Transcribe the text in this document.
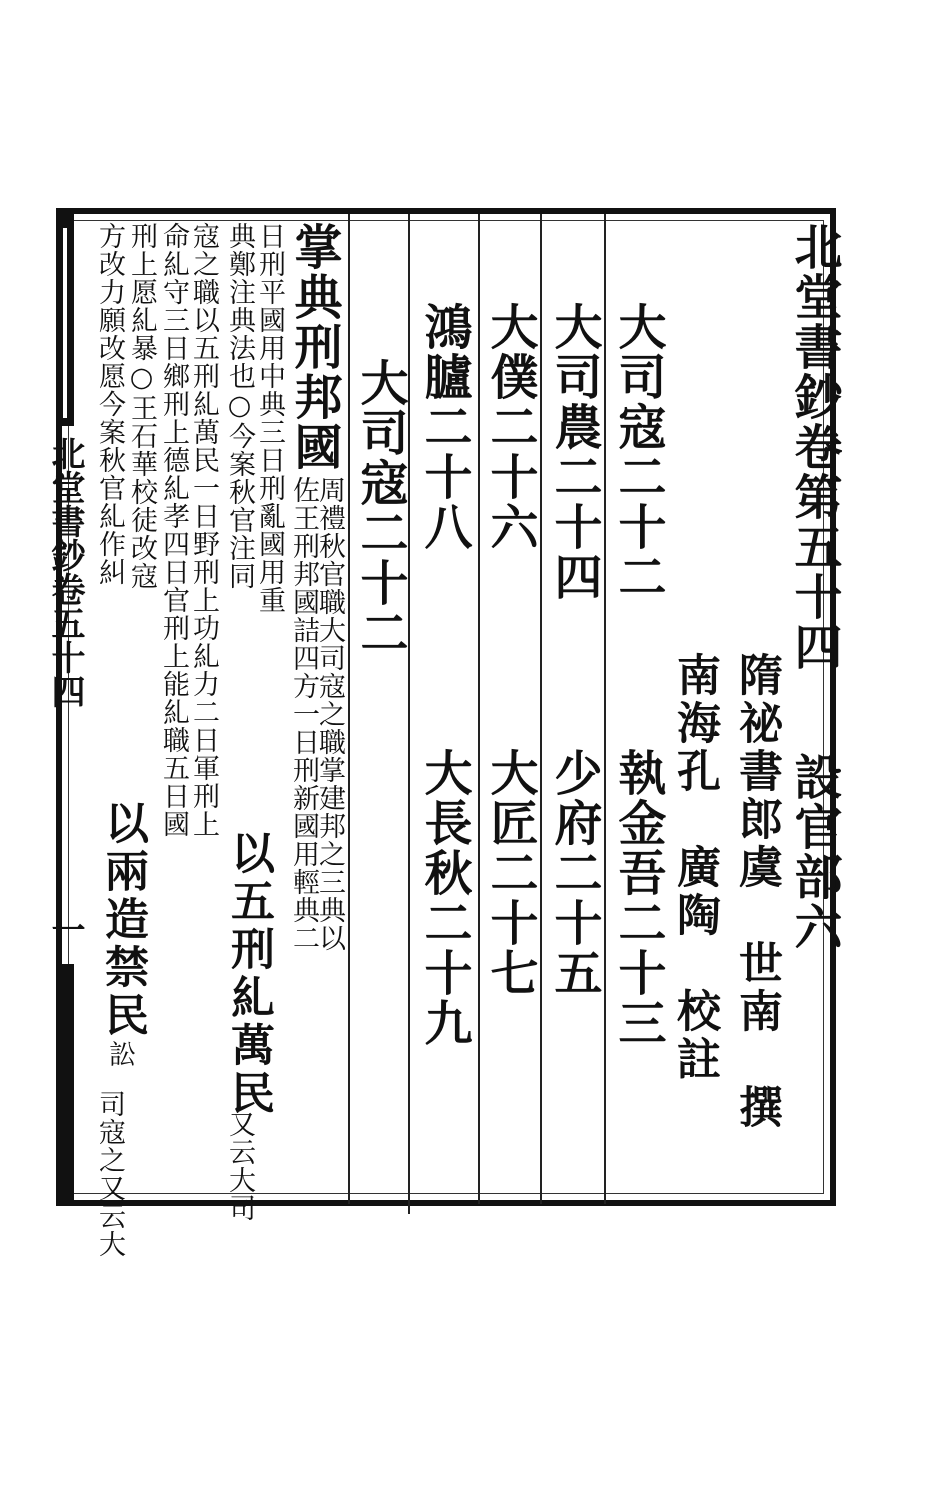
北堂書鈔卷第五十四
設官部六
隋祕書郎虞　世南　撰
南海孔　廣陶　校註
大司寇二十二
執金吾二十三
大司農二十四
少府二十五
大僕二十六
大匠二十七
鴻臚二十八
大長秋二十九
大司寇二十二
掌典刑邦國
周禮秋官職大司寇之職掌建邦之三典以
佐王刑邦國詰四方一日刑新國用輕典二
日刑平國用中典三日刑亂國用重
以五刑糺萬民
又云大司
典鄭注典法也○今案秋官注同
寇之職以五刑糺萬民一日野刑上功糺力二日軍刑上
命糺守三日鄉刑上德糺孝四日官刑上能糺職五日國
刑上愿糺暴○王石華校徒改寇
以兩造禁民
訟
方改力願改愿今案秋官糺作糾
司寇之又云大
北堂書鈔卷五十四
一
